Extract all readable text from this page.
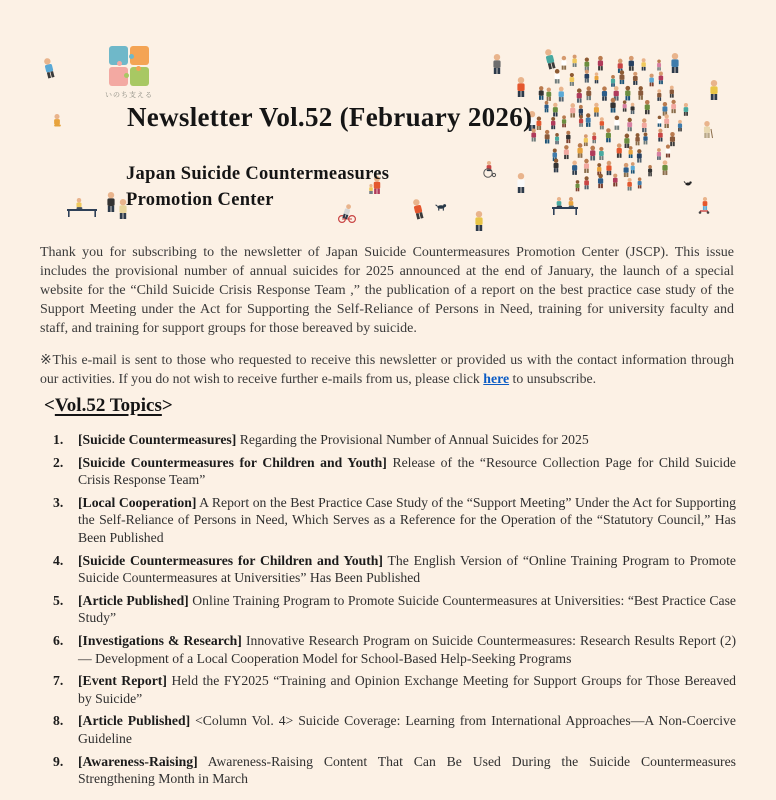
いのち支える
Newsletter Vol.52 (February 2026)
Japan Suicide Countermeasures
Promotion Center

Thank you for subscribing to the newsletter of Japan Suicide Countermeasures Promotion Center (JSCP). This issue includes the provisional number of annual suicides for 2025 announced at the end of January, the launch of a special website for the “Child Suicide Crisis Response Team ,” the publication of a report on the best practice case study of the Support Meeting under the Act for Supporting the Self-Reliance of Persons in Need, training for university faculty and staff, and training for support groups for those bereaved by suicide.

※This e-mail is sent to those who requested to receive this newsletter or provided us with the contact information through our activities. If you do not wish to receive further e-mails from us, please click here to unsubscribe.

<Vol.52 Topics>
1.	[Suicide Countermeasures] Regarding the Provisional Number of Annual Suicides for 2025
2.	[Suicide Countermeasures for Children and Youth] Release of the “Resource Collection Page for Child Suicide Crisis Response Team”
3.	[Local Cooperation] A Report on the Best Practice Case Study of the “Support Meeting” Under the Act for Supporting the Self-Reliance of Persons in Need, Which Serves as a Reference for the Operation of the “Statutory Council,” Has Been Published
4.	[Suicide Countermeasures for Children and Youth] The English Version of “Online Training Program to Promote Suicide Countermeasures at Universities” Has Been Published
5.	[Article Published] Online Training Program to Promote Suicide Countermeasures at Universities: “Best Practice Case Study”
6.	[Investigations & Research] Innovative Research Program on Suicide Countermeasures: Research Results Report (2) — Development of a Local Cooperation Model for School-Based Help-Seeking Programs
7.	[Event Report] Held the FY2025 “Training and Opinion Exchange Meeting for Support Groups for Those Bereaved by Suicide”
8.	[Article Published] <Column Vol. 4> Suicide Coverage: Learning from International Approaches—A Non-Coercive Guideline
9.	[Awareness-Raising] Awareness-Raising Content That Can Be Used During the Suicide Countermeasures Strengthening Month in March
